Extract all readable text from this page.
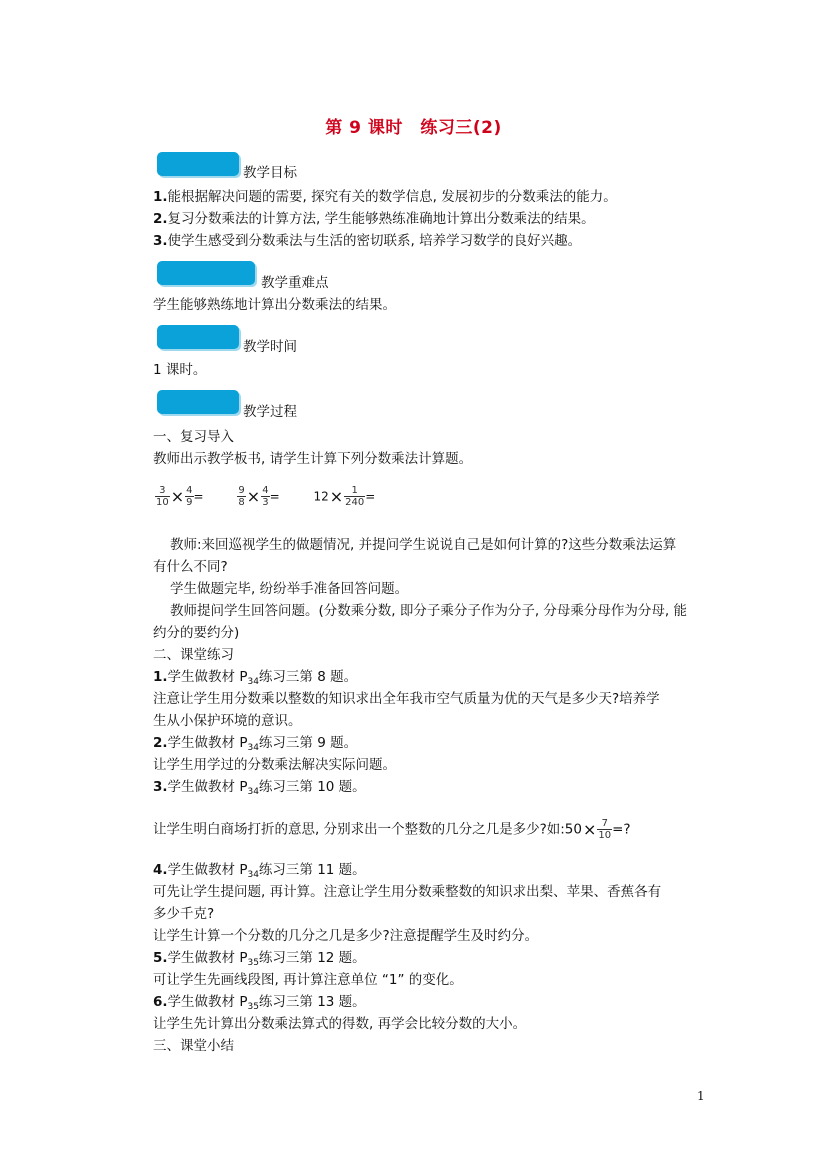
第 9 课时　练习三(2)
教学目标
1.能根据解决问题的需要, 探究有关的数学信息, 发展初步的分数乘法的能力。
2.复习分数乘法的计算方法, 学生能够熟练准确地计算出分数乘法的结果。
3.使学生感受到分数乘法与生活的密切联系, 培养学习数学的良好兴趣。
教学重难点
学生能够熟练地计算出分数乘法的结果。
教学时间
1 课时。
教学过程
一、复习导入
教师出示教学板书, 请学生计算下列分数乘法计算题。
$\frac{3}{10} \times \frac{4}{9}$ =	$\frac{9}{8} \times \frac{4}{3}$ =	$12\times \frac{1}{240}$ =
教师:来回巡视学生的做题情况, 并提问学生说说自己是如何计算的?这些分数乘法运算
有什么不同?
学生做题完毕, 纷纷举手准备回答问题。
教师提问学生回答问题。(分数乘分数, 即分子乘分子作为分子, 分母乘分母作为分母, 能
约分的要约分)
二、课堂练习
1.学生做教材 $P_{34}$练习三第 8 题。
注意让学生用分数乘以整数的知识求出全年我市空气质量为优的天气是多少天?培养学
生从小保护环境的意识。
2.学生做教材 $P_{34}$练习三第 9 题。
让学生用学过的分数乘法解决实际问题。
3.学生做教材 $P_{34}$练习三第 10 题。
让学生明白商场打折的意思, 分别求出一个整数的几分之几是多少?如:50× $\frac{7}{10}$ =?
4.学生做教材 $P_{34}$练习三第 11 题。
可先让学生提问题, 再计算。注意让学生用分数乘整数的知识求出梨、苹果、香蕉各有
多少千克?
让学生计算一个分数的几分之几是多少?注意提醒学生及时约分。
5.学生做教材 $P_{35}$练习三第 12 题。
可让学生先画线段图, 再计算注意单位 “1” 的变化。
6.学生做教材 $P_{35}$练习三第 13 题。
让学生先计算出分数乘法算式的得数, 再学会比较分数的大小。
三、课堂小结
1
